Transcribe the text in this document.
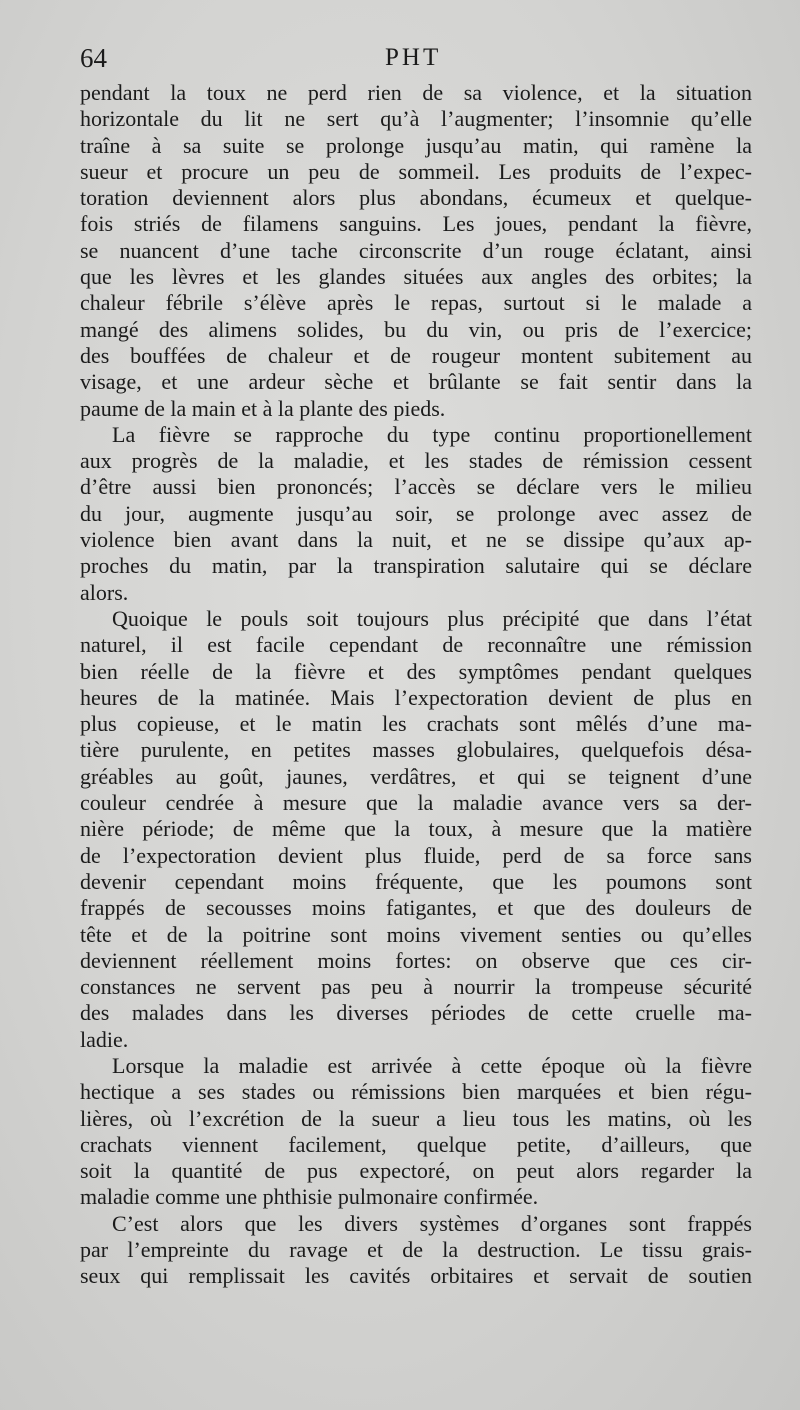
64	PHT
pendant la toux ne perd rien de sa violence, et la situation
horizontale du lit ne sert qu’à l’augmenter; l’insomnie qu’elle
traîne à sa suite se prolonge jusqu’au matin, qui ramène la
sueur et procure un peu de sommeil. Les produits de l’expec-
toration deviennent alors plus abondans, écumeux et quelque-
fois striés de filamens sanguins. Les joues, pendant la fièvre,
se nuancent d’une tache circonscrite d’un rouge éclatant, ainsi
que les lèvres et les glandes situées aux angles des orbites; la
chaleur fébrile s’élève après le repas, surtout si le malade a
mangé des alimens solides, bu du vin, ou pris de l’exercice;
des bouffées de chaleur et de rougeur montent subitement au
visage, et une ardeur sèche et brûlante se fait sentir dans la
paume de la main et à la plante des pieds.
La fièvre se rapproche du type continu proportionellement
aux progrès de la maladie, et les stades de rémission cessent
d’être aussi bien prononcés; l’accès se déclare vers le milieu
du jour, augmente jusqu’au soir, se prolonge avec assez de
violence bien avant dans la nuit, et ne se dissipe qu’aux ap-
proches du matin, par la transpiration salutaire qui se déclare
alors.
Quoique le pouls soit toujours plus précipité que dans l’état
naturel, il est facile cependant de reconnaître une rémission
bien réelle de la fièvre et des symptômes pendant quelques
heures de la matinée. Mais l’expectoration devient de plus en
plus copieuse, et le matin les crachats sont mêlés d’une ma-
tière purulente, en petites masses globulaires, quelquefois désa-
gréables au goût, jaunes, verdâtres, et qui se teignent d’une
couleur cendrée à mesure que la maladie avance vers sa der-
nière période; de même que la toux, à mesure que la matière
de l’expectoration devient plus fluide, perd de sa force sans
devenir cependant moins fréquente, que les poumons sont
frappés de secousses moins fatigantes, et que des douleurs de
tête et de la poitrine sont moins vivement senties ou qu’elles
deviennent réellement moins fortes: on observe que ces cir-
constances ne servent pas peu à nourrir la trompeuse sécurité
des malades dans les diverses périodes de cette cruelle ma-
ladie.
Lorsque la maladie est arrivée à cette époque où la fièvre
hectique a ses stades ou rémissions bien marquées et bien régu-
lières, où l’excrétion de la sueur a lieu tous les matins, où les
crachats viennent facilement, quelque petite, d’ailleurs, que
soit la quantité de pus expectoré, on peut alors regarder la
maladie comme une phthisie pulmonaire confirmée.
C’est alors que les divers systèmes d’organes sont frappés
par l’empreinte du ravage et de la destruction. Le tissu grais-
seux qui remplissait les cavités orbitaires et servait de soutien
